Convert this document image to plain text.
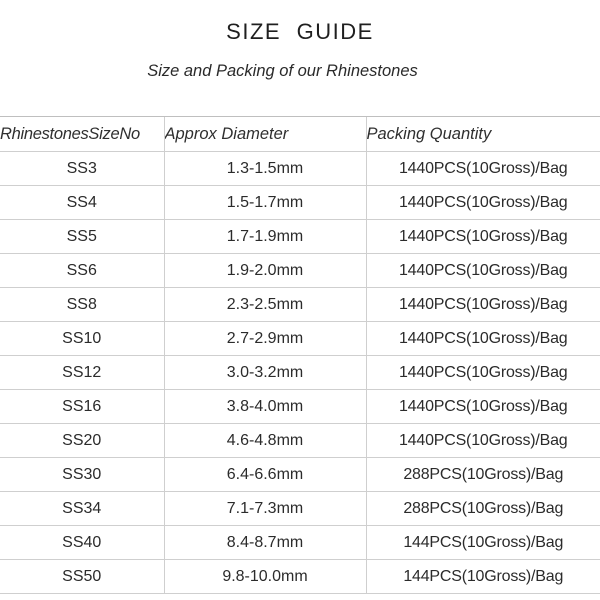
SIZE GUIDE
Size and Packing of our Rhinestones
RhinestonesSizeNo	Approx Diameter	Packing Quantity
SS3	1.3-1.5mm	1440PCS(10Gross)/Bag
SS4	1.5-1.7mm	1440PCS(10Gross)/Bag
SS5	1.7-1.9mm	1440PCS(10Gross)/Bag
SS6	1.9-2.0mm	1440PCS(10Gross)/Bag
SS8	2.3-2.5mm	1440PCS(10Gross)/Bag
SS10	2.7-2.9mm	1440PCS(10Gross)/Bag
SS12	3.0-3.2mm	1440PCS(10Gross)/Bag
SS16	3.8-4.0mm	1440PCS(10Gross)/Bag
SS20	4.6-4.8mm	1440PCS(10Gross)/Bag
SS30	6.4-6.6mm	288PCS(10Gross)/Bag
SS34	7.1-7.3mm	288PCS(10Gross)/Bag
SS40	8.4-8.7mm	144PCS(10Gross)/Bag
SS50	9.8-10.0mm	144PCS(10Gross)/Bag
